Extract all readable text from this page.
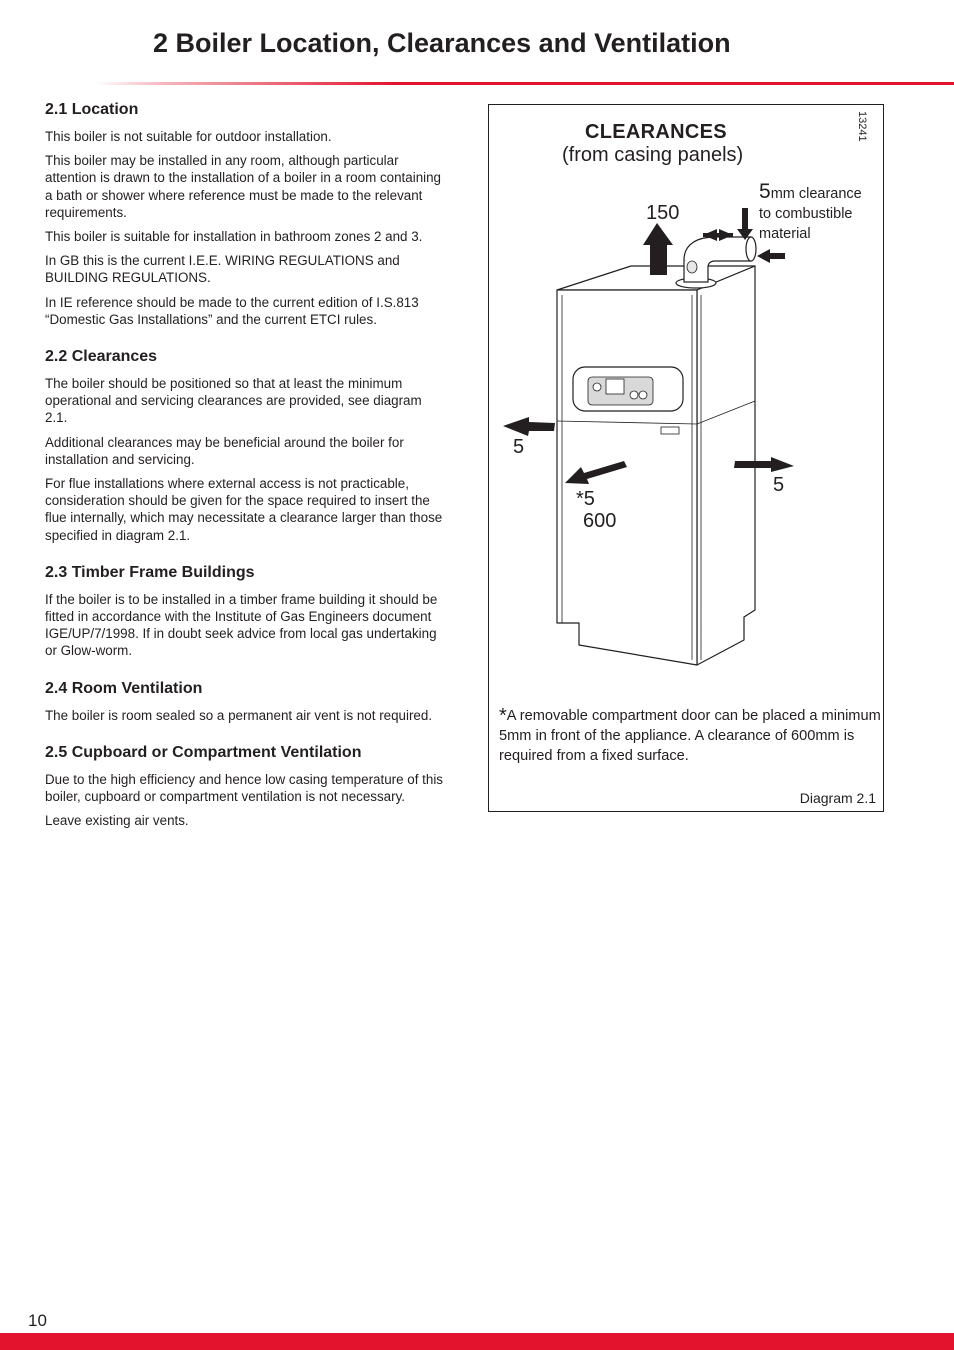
2 Boiler Location, Clearances and Ventilation
2.1 Location

This boiler is not suitable for outdoor installation.

This boiler may be installed in any room, although particular attention is drawn to the installation of a boiler in a room containing a bath or shower where reference must be made to the relevant requirements.

This boiler is suitable for installation in bathroom zones 2 and 3.

In GB this is the current I.E.E. WIRING REGULATIONS and BUILDING REGULATIONS.

In IE reference should be made to the current edition of I.S.813 “Domestic Gas Installations” and the current ETCI rules.

2.2 Clearances

The boiler should be positioned so that at least the minimum operational and servicing clearances are provided, see diagram 2.1.

Additional clearances may be beneficial around the boiler for installation and servicing.

For flue installations where external access is not practicable, consideration should be given for the space required to insert the flue internally, which may necessitate a clearance larger than those specified in diagram 2.1.

2.3 Timber Frame Buildings

If the boiler is to be installed in a timber frame building it should be fitted in accordance with the Institute of Gas Engineers document IGE/UP/7/1998. If in doubt seek advice from local gas undertaking or Glow-worm.

2.4 Room Ventilation

The boiler is room sealed so a permanent air vent is not required.

2.5 Cupboard or Compartment Ventilation

Due to the high efficiency and hence low casing temperature of this boiler, cupboard or compartment ventilation is not necessary.

Leave existing air vents.

CLEARANCES
(from casing panels)
13241
150
5mm clearance
to combustible
material
5
5
*5
600
*A removable compartment door can be placed a minimum 5mm in front of the appliance. A clearance of 600mm is required from a fixed surface.
Diagram 2.1
10
